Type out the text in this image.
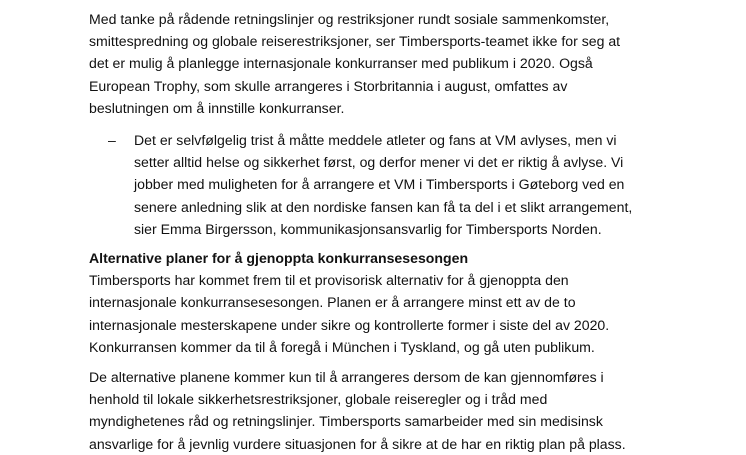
Med tanke på rådende retningslinjer og restriksjoner rundt sosiale sammenkomster,
smittespredning og globale reiserestriksjoner, ser Timbersports-teamet ikke for seg at
det er mulig å planlegge internasjonale konkurranser med publikum i 2020. Også
European Trophy, som skulle arrangeres i Storbritannia i august, omfattes av
beslutningen om å innstille konkurranser.

– Det er selvfølgelig trist å måtte meddele atleter og fans at VM avlyses, men vi
setter alltid helse og sikkerhet først, og derfor mener vi det er riktig å avlyse. Vi
jobber med muligheten for å arrangere et VM i Timbersports i Gøteborg ved en
senere anledning slik at den nordiske fansen kan få ta del i et slikt arrangement,
sier Emma Birgersson, kommunikasjonsansvarlig for Timbersports Norden.

Alternative planer for å gjenoppta konkurransesesongen

Timbersports har kommet frem til et provisorisk alternativ for å gjenoppta den
internasjonale konkurransesesongen. Planen er å arrangere minst ett av de to
internasjonale mesterskapene under sikre og kontrollerte former i siste del av 2020.
Konkurransen kommer da til å foregå i München i Tyskland, og gå uten publikum.

De alternative planene kommer kun til å arrangeres dersom de kan gjennomføres i
henhold til lokale sikkerhetsrestriksjoner, globale reiseregler og i tråd med
myndighetenes råd og retningslinjer. Timbersports samarbeider med sin medisinsk
ansvarlige for å jevnlig vurdere situasjonen for å sikre at de har en riktig plan på plass.
